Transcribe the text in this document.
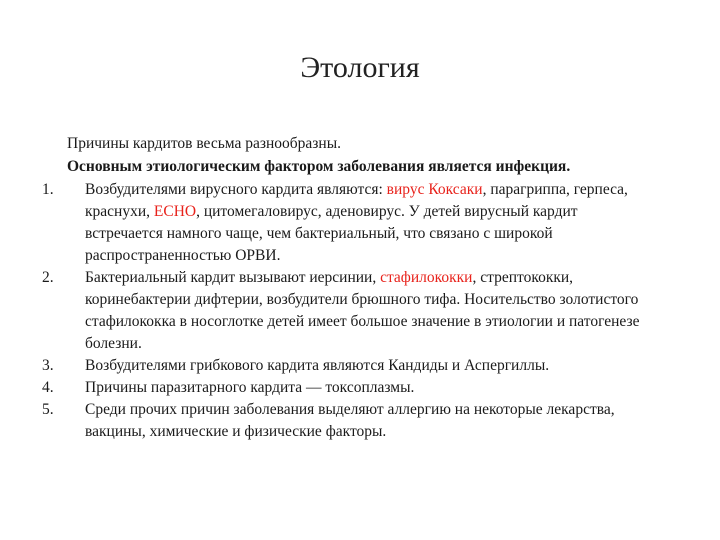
Этология
Причины кардитов весьма разнообразны.
Основным этиологическим фактором заболевания является инфекция.
1.	Возбудителями вирусного кардита являются: вирус Коксаки, парагриппа, герпеса, краснухи, ECHO, цитомегаловирус, аденовирус. У детей вирусный кардит встречается намного чаще, чем бактериальный, что связано с широкой распространенностью ОРВИ.
2.	Бактериальный кардит вызывают иерсинии, стафилококки, стрептококки, коринебактерии дифтерии, возбудители брюшного тифа. Носительство золотистого стафилококка в носоглотке детей имеет большое значение в этиологии и патогенезе болезни.
3.	Возбудителями грибкового кардита являются Кандиды и Аспергиллы.
4.	Причины паразитарного кардита — токсоплазмы.
5.	Среди прочих причин заболевания выделяют аллергию на некоторые лекарства, вакцины, химические и физические факторы.
